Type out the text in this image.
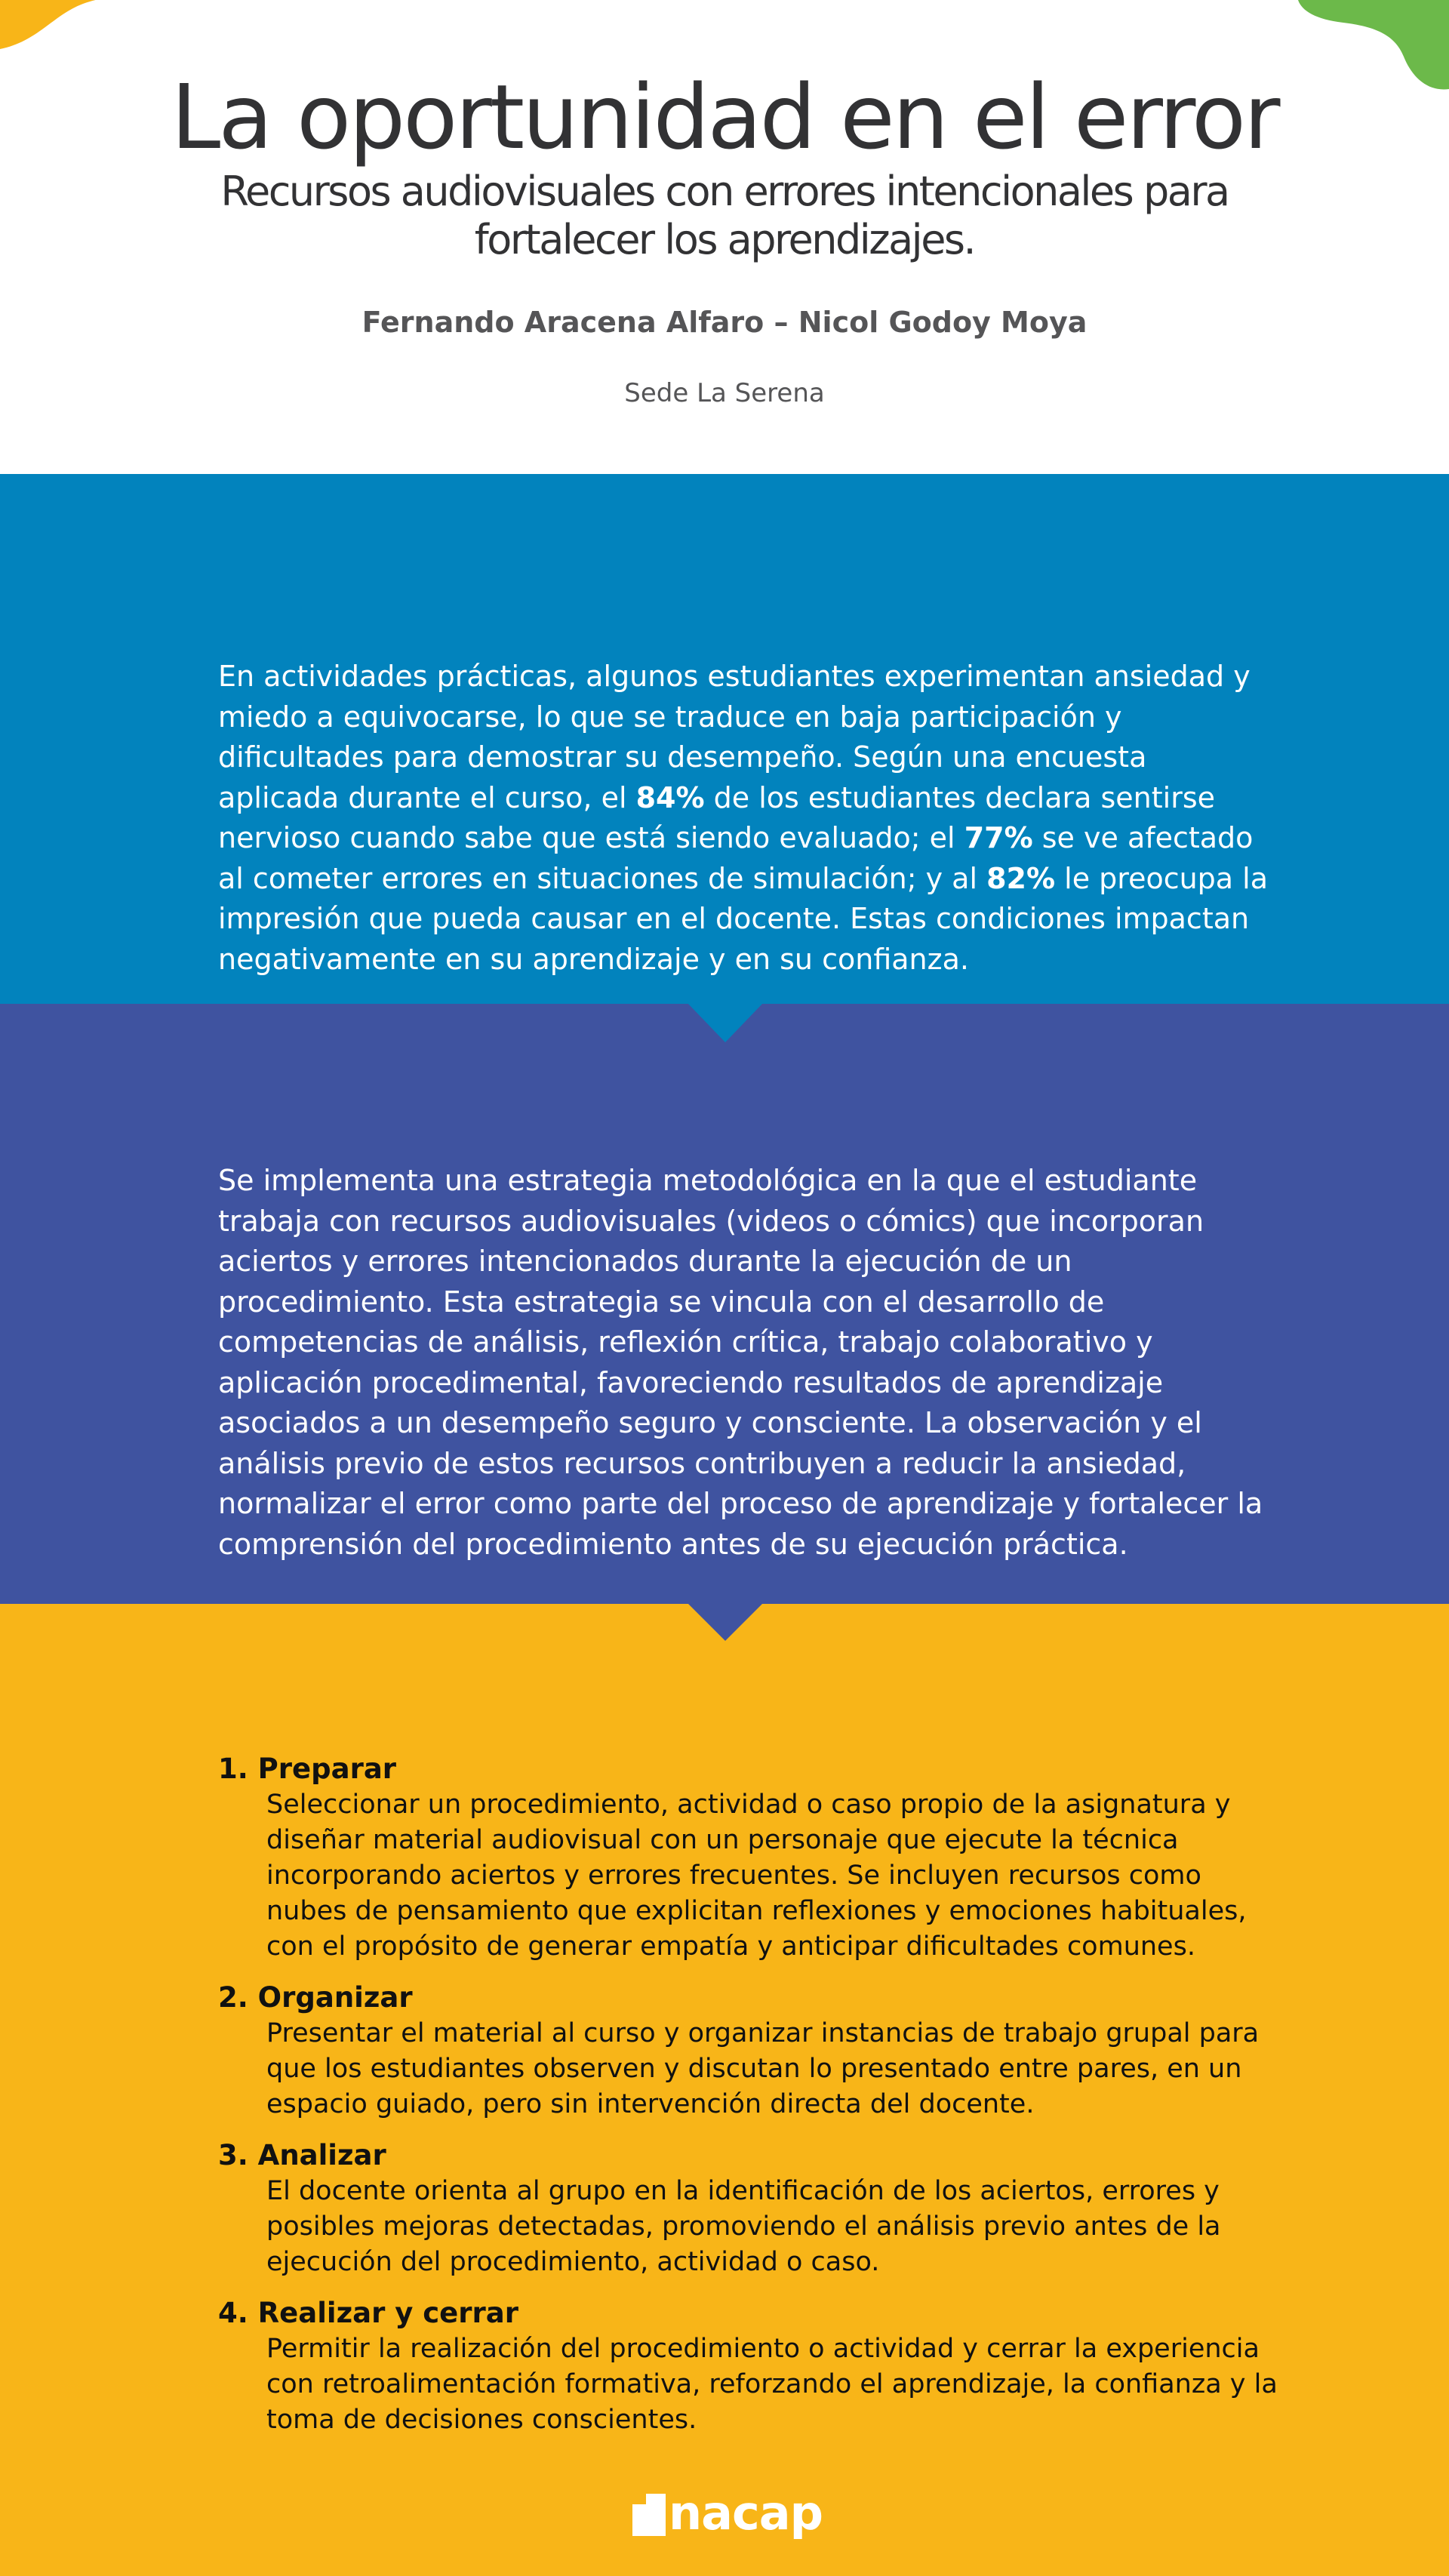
La oportunidad en el error
Recursos audiovisuales con errores intencionales para fortalecer los aprendizajes.
Fernando Aracena Alfaro – Nicol Godoy Moya
Sede La Serena

En actividades prácticas, algunos estudiantes experimentan ansiedad y miedo a equivocarse, lo que se traduce en baja participación y dificultades para demostrar su desempeño. Según una encuesta aplicada durante el curso, el 84% de los estudiantes declara sentirse nervioso cuando sabe que está siendo evaluado; el 77% se ve afectado al cometer errores en situaciones de simulación; y al 82% le preocupa la impresión que pueda causar en el docente. Estas condiciones impactan negativamente en su aprendizaje y en su confianza.

Se implementa una estrategia metodológica en la que el estudiante trabaja con recursos audiovisuales (videos o cómics) que incorporan aciertos y errores intencionados durante la ejecución de un procedimiento. Esta estrategia se vincula con el desarrollo de competencias de análisis, reflexión crítica, trabajo colaborativo y aplicación procedimental, favoreciendo resultados de aprendizaje asociados a un desempeño seguro y consciente. La observación y el análisis previo de estos recursos contribuyen a reducir la ansiedad, normalizar el error como parte del proceso de aprendizaje y fortalecer la comprensión del procedimiento antes de su ejecución práctica.

1. Preparar
Seleccionar un procedimiento, actividad o caso propio de la asignatura y diseñar material audiovisual con un personaje que ejecute la técnica incorporando aciertos y errores frecuentes. Se incluyen recursos como nubes de pensamiento que explicitan reflexiones y emociones habituales, con el propósito de generar empatía y anticipar dificultades comunes.
2. Organizar
Presentar el material al curso y organizar instancias de trabajo grupal para que los estudiantes observen y discutan lo presentado entre pares, en un espacio guiado, pero sin intervención directa del docente.
3. Analizar
El docente orienta al grupo en la identificación de los aciertos, errores y posibles mejoras detectadas, promoviendo el análisis previo antes de la ejecución del procedimiento, actividad o caso.
4. Realizar y cerrar
Permitir la realización del procedimiento o actividad y cerrar la experiencia con retroalimentación formativa, reforzando el aprendizaje, la confianza y la toma de decisiones conscientes.
nacap
